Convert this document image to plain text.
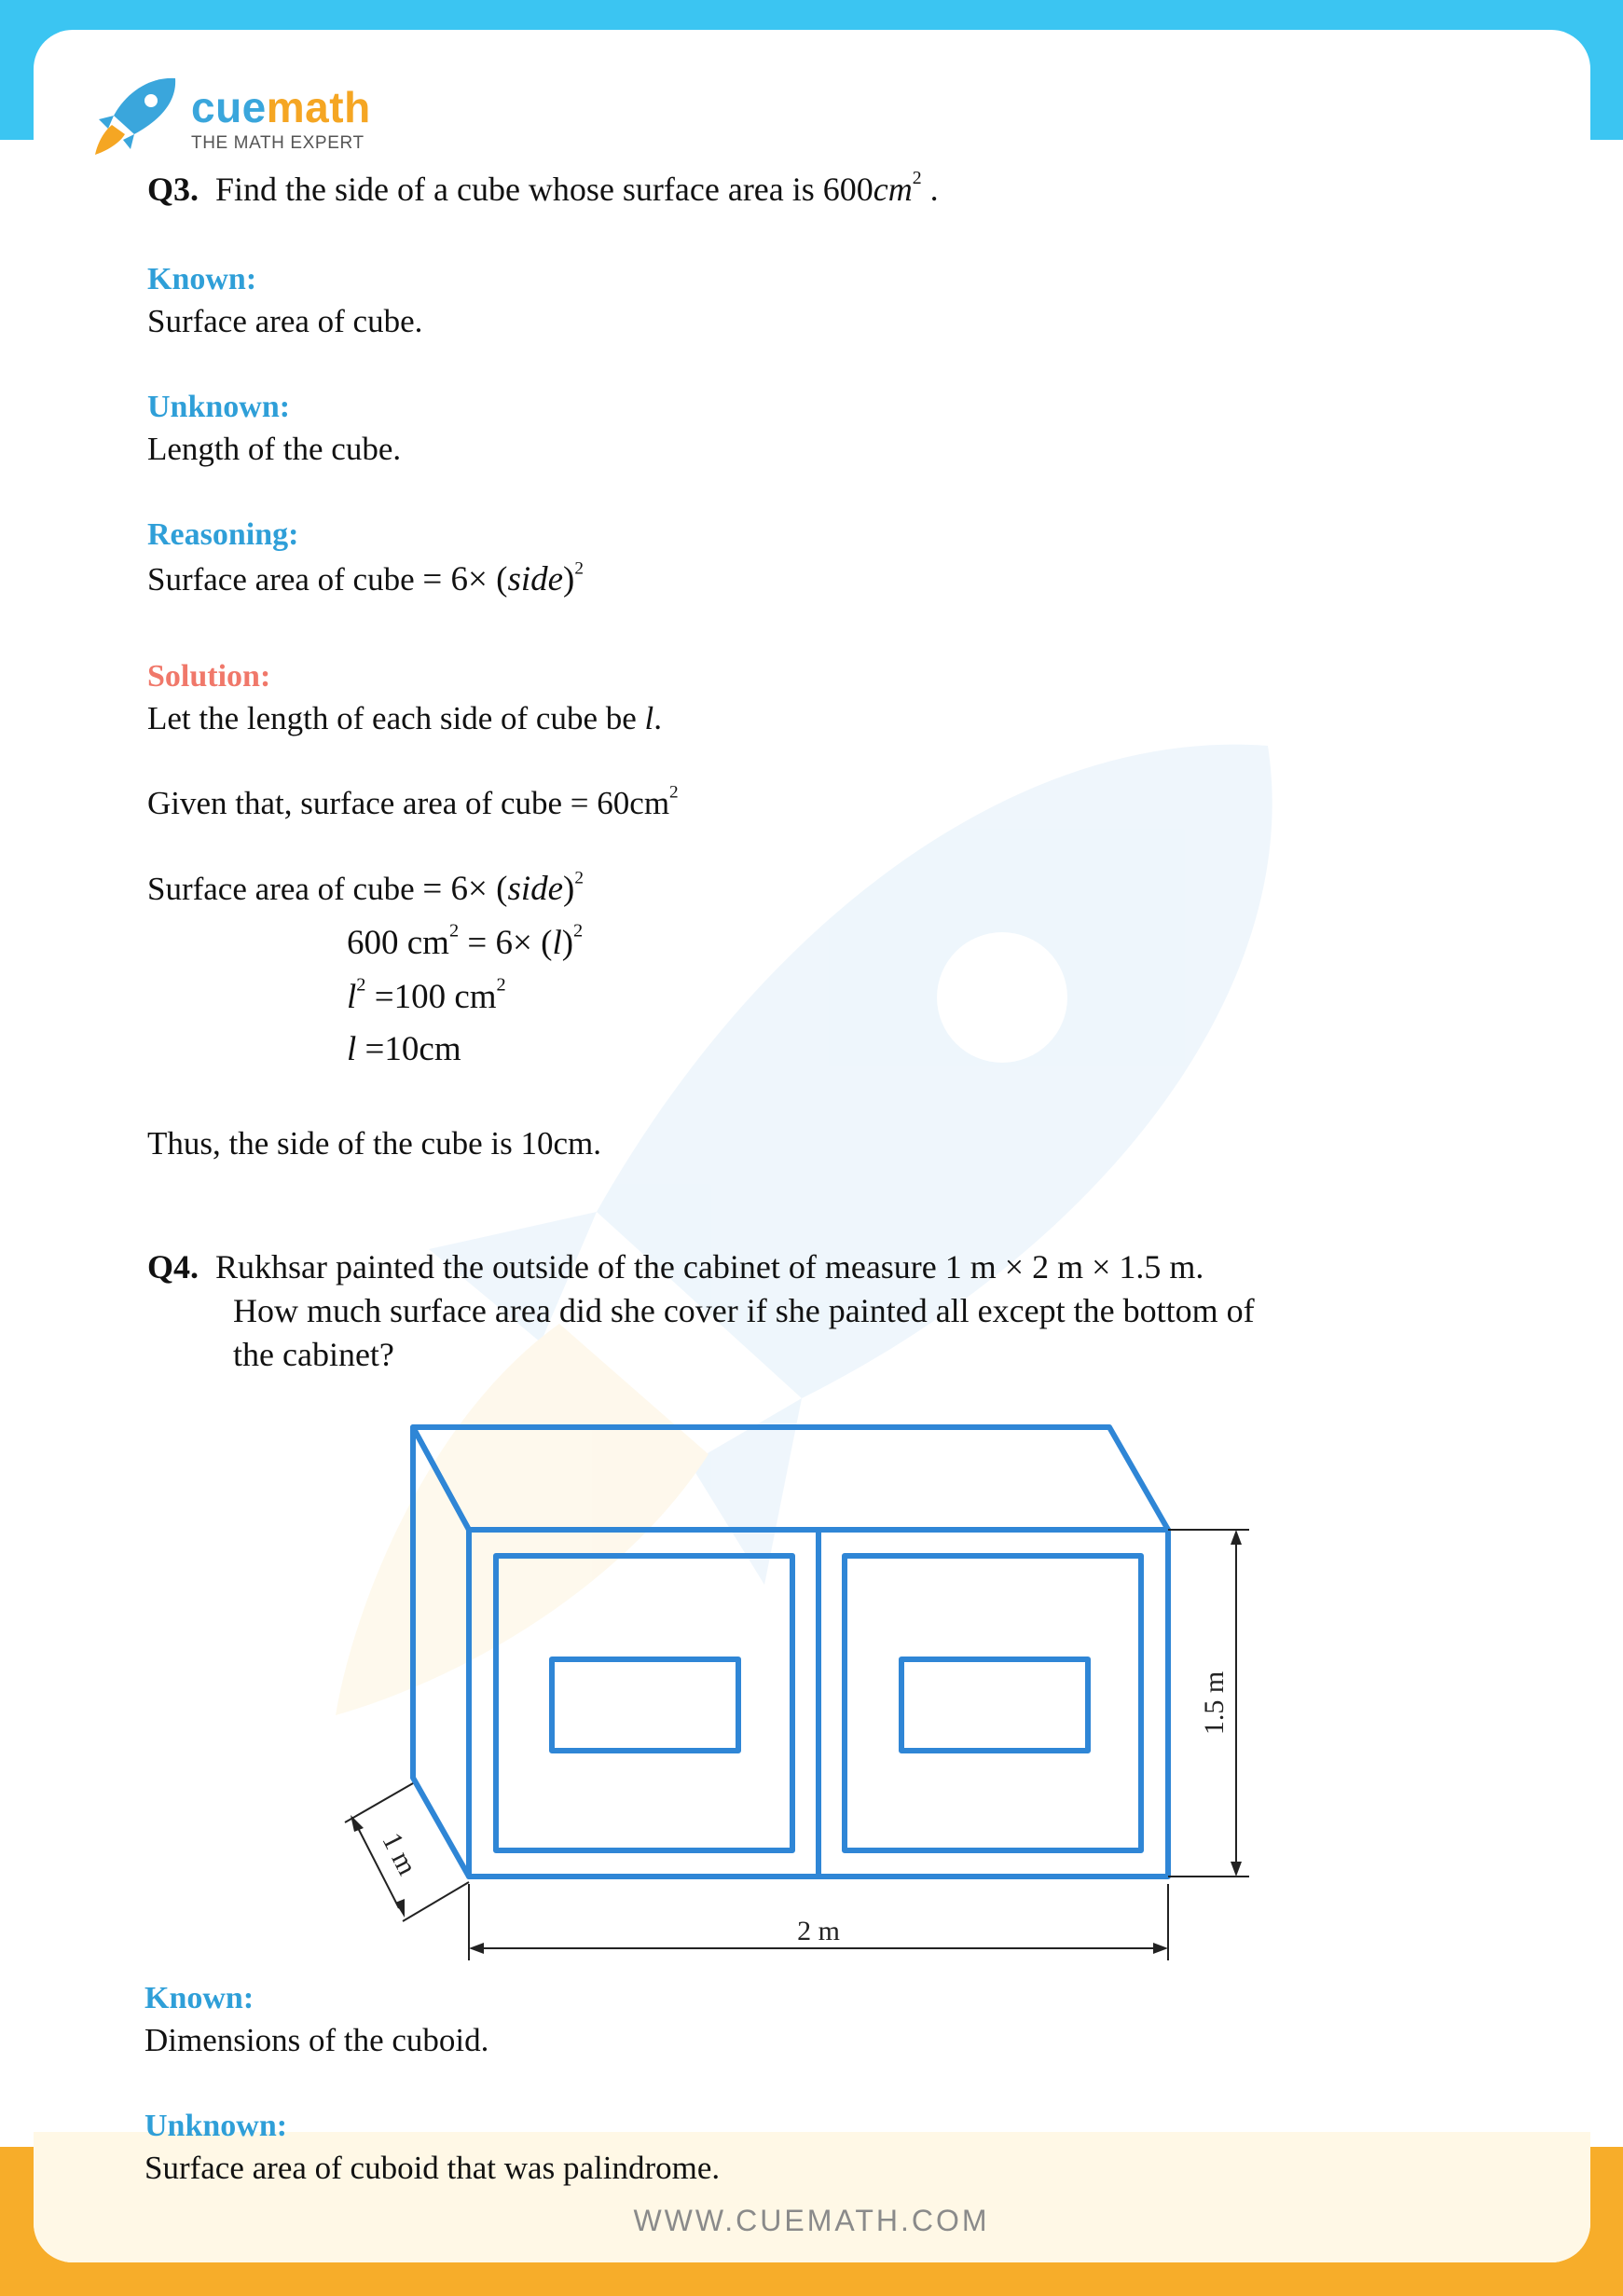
cuemath
THE MATH EXPERT
Q3. Find the side of a cube whose surface area is $600cm^2$ .
Known:
Surface area of cube.
Unknown:
Length of the cube.
Reasoning:
Surface area of cube = 6× (side)$^2$
Solution:
Let the length of each side of cube be l.
Given that, surface area of cube = $60cm^2$
Surface area of cube = 6× (side)$^2$
600 $cm^2 = 6\times (l)^2$
$l^2 =100$ $cm^2$
l =10cm
Thus, the side of the cube is 10cm.
Q4. Rukhsar painted the outside of the cabinet of measure 1 m × 2 m × 1.5 m.
How much surface area did she cover if she painted all except the bottom of
the cabinet?
2 m
1.5 m
1 m
Known:
Dimensions of the cuboid.
Unknown:
Surface area of cuboid that was palindrome.
WWW.CUEMATH.COM
